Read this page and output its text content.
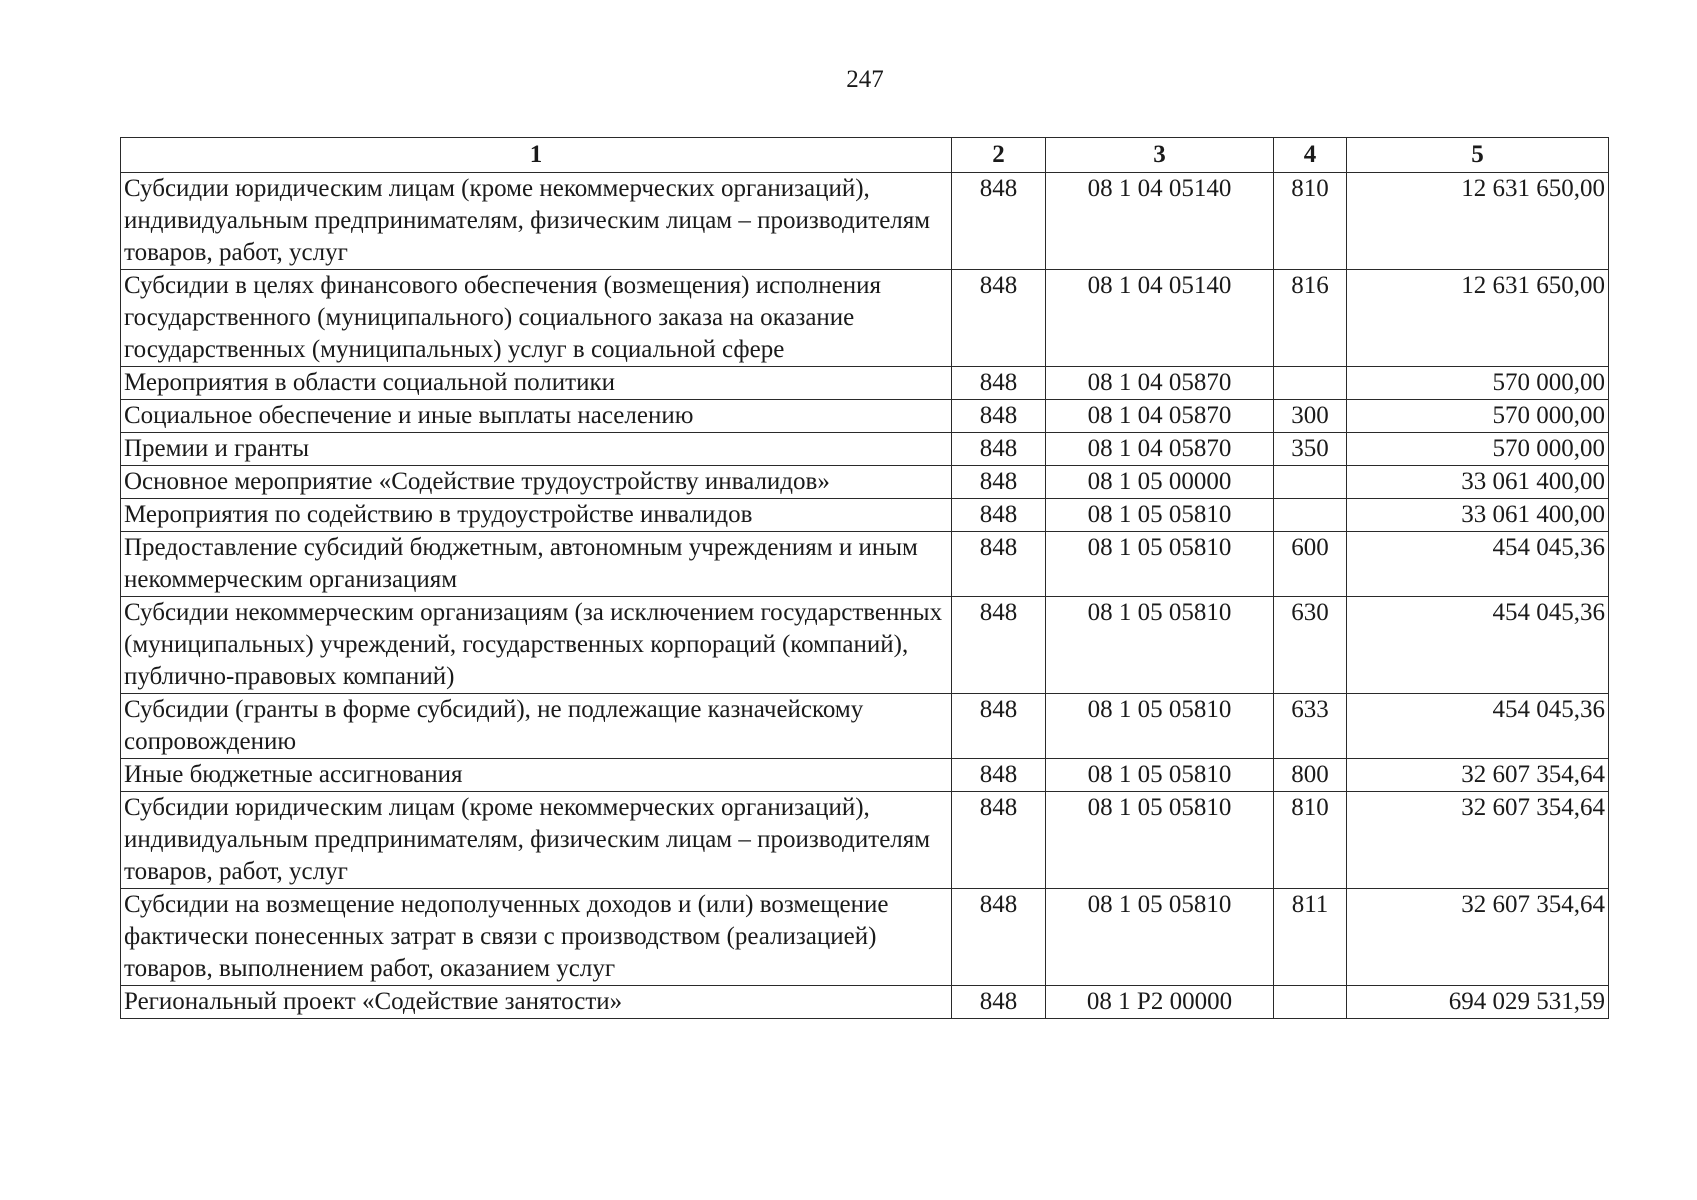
247
1	2	3	4	5
Субсидии юридическим лицам (кроме некоммерческих организаций), индивидуальным предпринимателям, физическим лицам – производителям товаров, работ, услуг	848	08 1 04 05140	810	12 631 650,00
Субсидии в целях финансового обеспечения (возмещения) исполнения государственного (муниципального) социального заказа на оказание государственных (муниципальных) услуг в социальной сфере	848	08 1 04 05140	816	12 631 650,00
Мероприятия в области социальной политики	848	08 1 04 05870		570 000,00
Социальное обеспечение и иные выплаты населению	848	08 1 04 05870	300	570 000,00
Премии и гранты	848	08 1 04 05870	350	570 000,00
Основное мероприятие «Содействие трудоустройству инвалидов»	848	08 1 05 00000		33 061 400,00
Мероприятия по содействию в трудоустройстве инвалидов	848	08 1 05 05810		33 061 400,00
Предоставление субсидий бюджетным, автономным учреждениям и иным некоммерческим организациям	848	08 1 05 05810	600	454 045,36
Субсидии некоммерческим организациям (за исключением государственных (муниципальных) учреждений, государственных корпораций (компаний), публично-правовых компаний)	848	08 1 05 05810	630	454 045,36
Субсидии (гранты в форме субсидий), не подлежащие казначейскому сопровождению	848	08 1 05 05810	633	454 045,36
Иные бюджетные ассигнования	848	08 1 05 05810	800	32 607 354,64
Субсидии юридическим лицам (кроме некоммерческих организаций), индивидуальным предпринимателям, физическим лицам – производителям товаров, работ, услуг	848	08 1 05 05810	810	32 607 354,64
Субсидии на возмещение недополученных доходов и (или) возмещение фактически понесенных затрат в связи с производством (реализацией) товаров, выполнением работ, оказанием услуг	848	08 1 05 05810	811	32 607 354,64
Региональный проект «Содействие занятости»	848	08 1 Р2 00000		694 029 531,59
